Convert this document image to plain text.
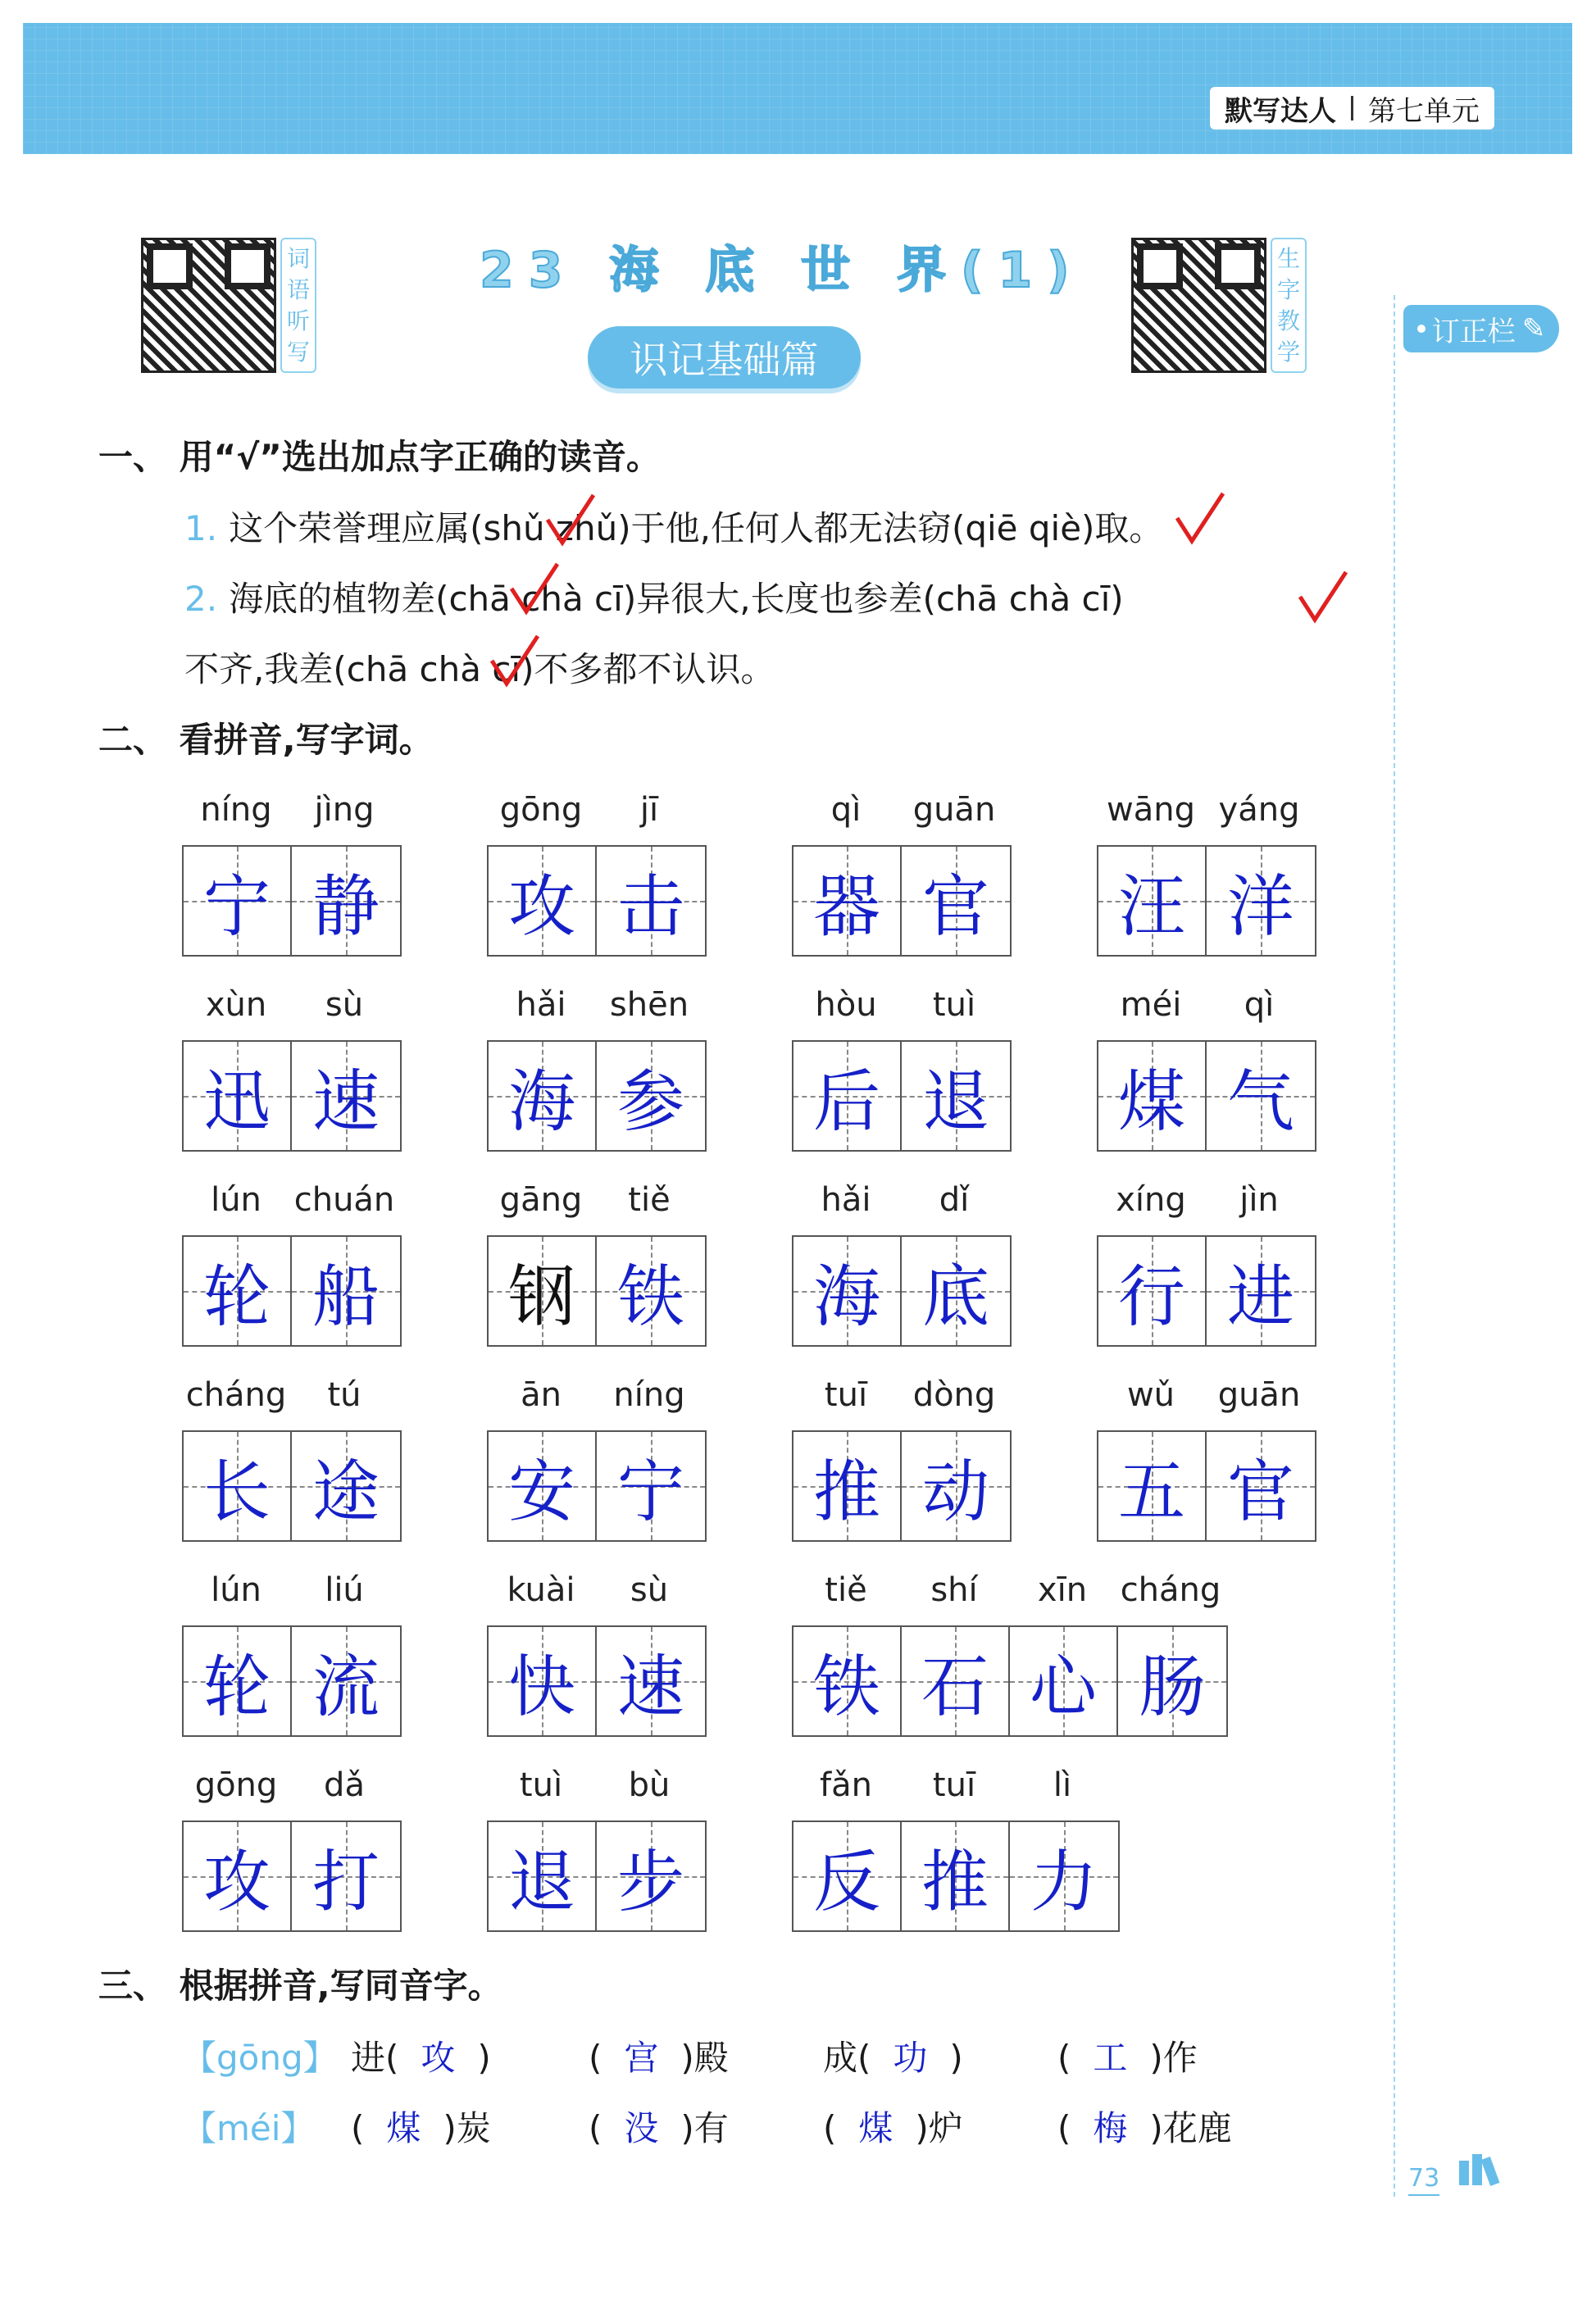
默写达人 第七单元
订正栏 ✎
词
语
听
写
生
字
教
学
23 海 底 世 界(1)
识记基础篇
一、 用“√”选出加点字正确的读音。
1. 这个荣誉理应属(shǔ zhǔ)于他,任何人都无法窃(qiē qiè)取。
2. 海底的植物差(chā chà cī)异很大,长度也参差(chā chà cī)
不齐,我差(chā chà cī)不多都不认识。
二、 看拼音,写字词。
níng	jìng
宁 静
gōng	jī
攻 击
qì	guān
器 官
wāng yáng
汪 洋
xùn	sù
迅 速
hǎi	shēn
海 参
hòu	tuì
后 退
méi	qì
煤 气
lún chuán
轮 船
gāng	tiě
钢 铁
hǎi	dǐ
海 底
xíng	jìn
行 进
cháng	tú
长 途
ān	níng
安 宁
tuī	dòng
推 动
wǔ	guān
五 官
lún	liú
轮 流
kuài	sù
快 速
tiě	shí	xīn	cháng
铁 石 心 肠
gōng	dǎ
攻 打
tuì	bù
退 步
fǎn	tuī	lì
反 推 力
三、 根据拼音,写同音字。
【gōng】 进( 攻 )	( 宫 )殿	成( 功 )	( 工 )作
【méi】 ( 煤 )炭	( 没 )有	( 煤 )炉	( 梅 )花鹿
73
